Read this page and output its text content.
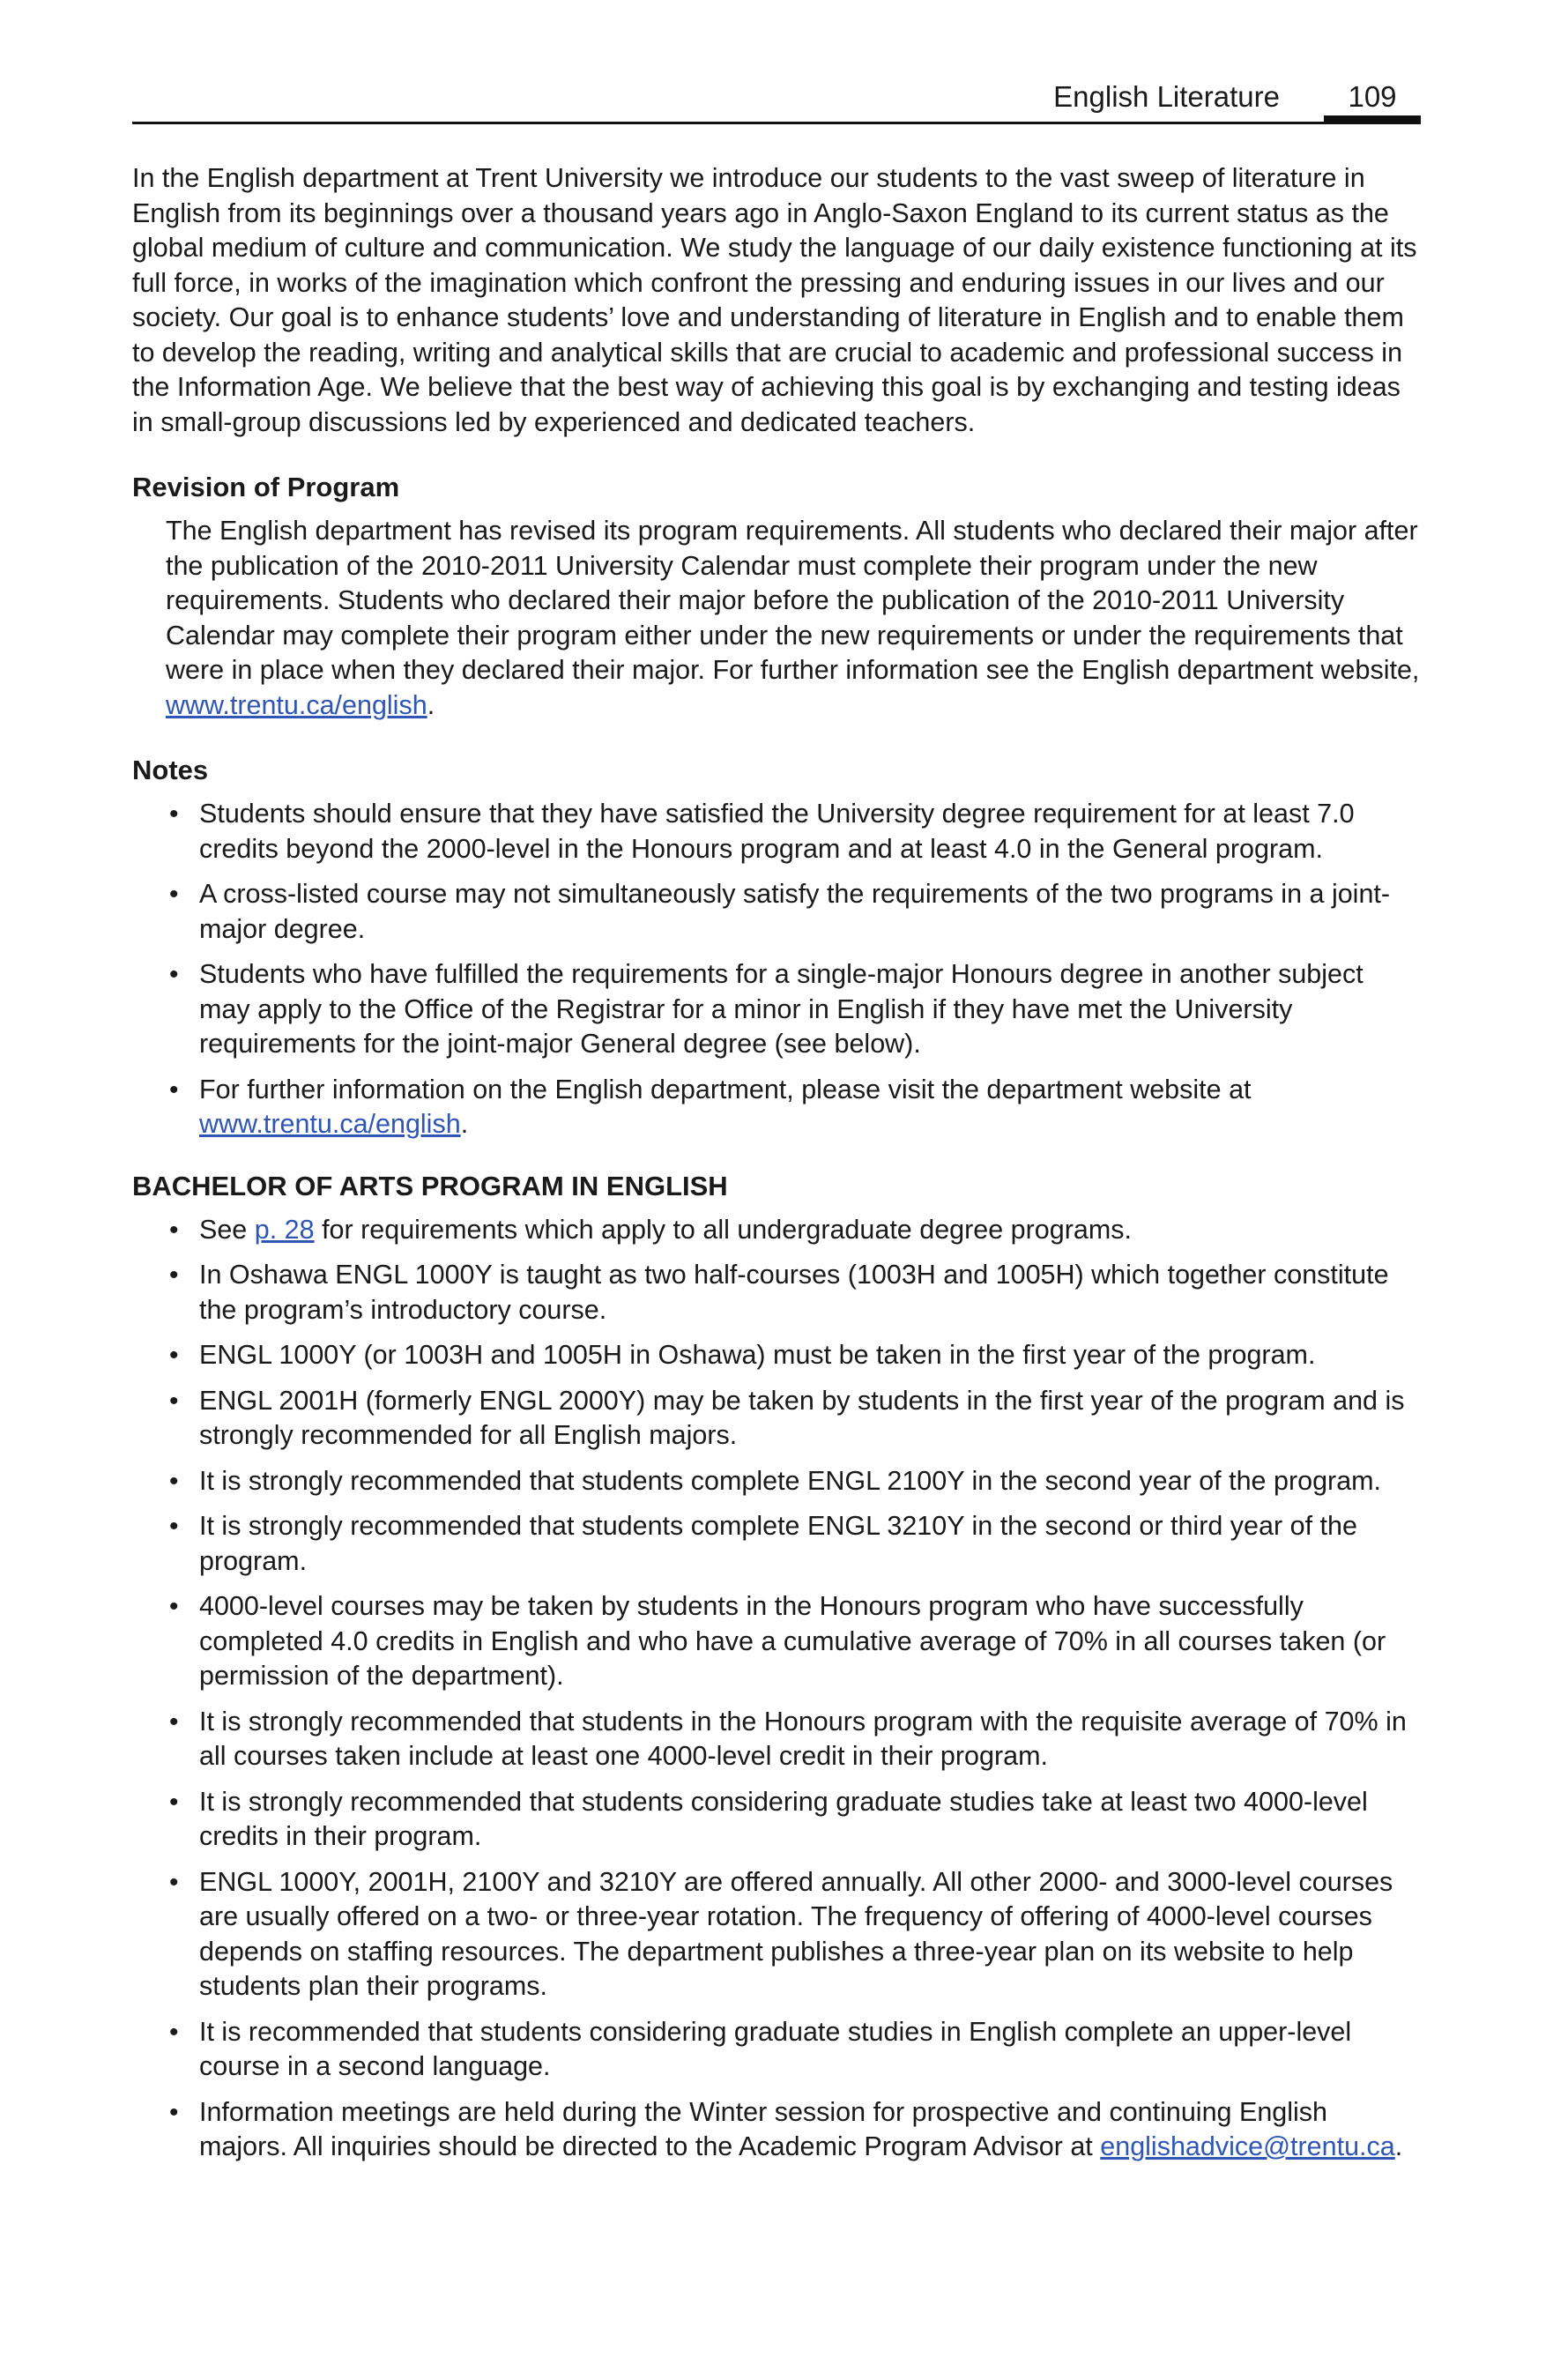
English Literature	109

In the English department at Trent University we introduce our students to the vast sweep of literature in English from its beginnings over a thousand years ago in Anglo-Saxon England to its current status as the global medium of culture and communication. We study the language of our daily existence functioning at its full force, in works of the imagination which confront the pressing and enduring issues in our lives and our society. Our goal is to enhance students’ love and understanding of literature in English and to enable them to develop the reading, writing and analytical skills that are crucial to academic and professional success in the Information Age. We believe that the best way of achieving this goal is by exchanging and testing ideas in small-group discussions led by experienced and dedicated teachers.

Revision of Program

The English department has revised its program requirements. All students who declared their major after the publication of the 2010-2011 University Calendar must complete their program under the new requirements. Students who declared their major before the publication of the 2010-2011 University Calendar may complete their program either under the new requirements or under the requirements that were in place when they declared their major. For further information see the English department website, www.trentu.ca/english.

Notes
• Students should ensure that they have satisfied the University degree requirement for at least 7.0 credits beyond the 2000-level in the Honours program and at least 4.0 in the General program.
• A cross-listed course may not simultaneously satisfy the requirements of the two programs in a joint-major degree.
• Students who have fulfilled the requirements for a single-major Honours degree in another subject may apply to the Office of the Registrar for a minor in English if they have met the University requirements for the joint-major General degree (see below).
• For further information on the English department, please visit the department website at www.trentu.ca/english.
BACHELOR OF ARTS PROGRAM IN ENGLISH
• See p. 28 for requirements which apply to all undergraduate degree programs.
• In Oshawa ENGL 1000Y is taught as two half-courses (1003H and 1005H) which together constitute the program’s introductory course.
• ENGL 1000Y (or 1003H and 1005H in Oshawa) must be taken in the first year of the program.
• ENGL 2001H (formerly ENGL 2000Y) may be taken by students in the first year of the program and is strongly recommended for all English majors.
• It is strongly recommended that students complete ENGL 2100Y in the second year of the program.
• It is strongly recommended that students complete ENGL 3210Y in the second or third year of the program.
• 4000-level courses may be taken by students in the Honours program who have successfully completed 4.0 credits in English and who have a cumulative average of 70% in all courses taken (or permission of the department).
• It is strongly recommended that students in the Honours program with the requisite average of 70% in all courses taken include at least one 4000-level credit in their program.
• It is strongly recommended that students considering graduate studies take at least two 4000-level credits in their program.
• ENGL 1000Y, 2001H, 2100Y and 3210Y are offered annually. All other 2000- and 3000-level courses are usually offered on a two- or three-year rotation. The frequency of offering of 4000-level courses depends on staffing resources. The department publishes a three-year plan on its website to help students plan their programs.
• It is recommended that students considering graduate studies in English complete an upper-level course in a second language.
• Information meetings are held during the Winter session for prospective and continuing English majors. All inquiries should be directed to the Academic Program Advisor at englishadvice@trentu.ca.
